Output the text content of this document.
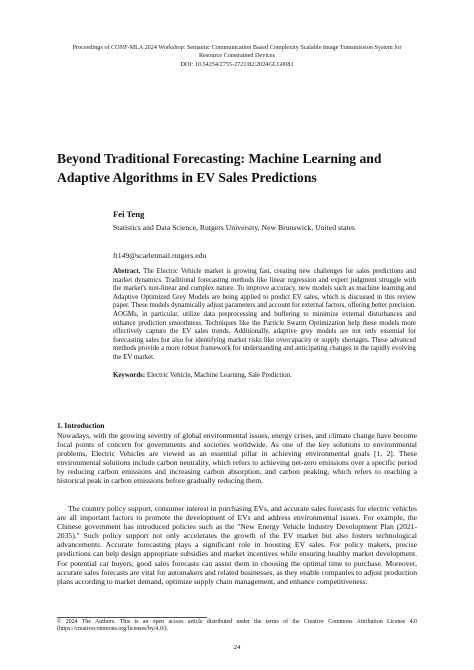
Proceedings of CONF-MLA 2024 Workshop: Semantic Communication Based Complexity Scalable Image Transmission System for
Resource Constrained Devices
DOI: 10.54254/2755-2721/82/2024GLG0081
Beyond Traditional Forecasting: Machine Learning and
Adaptive Algorithms in EV Sales Predictions
Fei Teng
Statistics and Data Science, Rutgers University, New Brunswick, United states
ft149@scarletmail.rutgers.edu
Abstract. The Electric Vehicle market is growing fast, creating new challenges for sales predictions and market dynamics. Traditional forecasting methods like linear regression and expert judgment struggle with the market's non-linear and complex nature. To improve accuracy, new models such as machine learning and Adaptive Optimized Grey Models are being applied to predict EV sales, which is discussed in this review paper. These models dynamically adjust parameters and account for external factors, offering better precision. AOGMs, in particular, utilize data preprocessing and buffering to minimize external disturbances and enhance prediction smoothness. Techniques like the Particle Swarm Optimization help these models more effectively capture the EV sales trends. Additionally, adaptive grey models are not only essential for forecasting sales but also for identifying market risks like overcapacity or supply shortages. These advanced methods provide a more robust framework for understanding and anticipating changes in the rapidly evolving the EV market.
Keywords: Electric Vehicle, Machine Learning, Sale Prediction.
1. Introduction
Nowadays, with the growing severity of global environmental issues, energy crises, and climate change have become focal points of concern for governments and societies worldwide. As one of the key solutions to environmental problems, Electric Vehicles are viewed as an essential pillar in achieving environmental goals [1, 2]. These environmental solutions include carbon neutrality, which refers to achieving net-zero emissions over a specific period by reducing carbon emissions and increasing carbon absorption, and carbon peaking, which refers to reaching a historical peak in carbon emissions before gradually reducing them.
The country policy support, consumer interest in purchasing EVs, and accurate sales forecasts for electric vehicles are all important factors to promote the development of EVs and address environmental issues. For example, the Chinese government has introduced policies such as the "New Energy Vehicle Industry Development Plan (2021-2035)." Such policy support not only accelerates the growth of the EV market but also fosters technological advancements. Accurate forecasting plays a significant role in boosting EV sales. For policy makers, precise predictions can help design appropriate subsidies and market incentives while ensuring healthy market development. For potential car buyers, good sales forecasts can assist them in choosing the optimal time to purchase. Moreover, accurate sales forecasts are vital for automakers and related businesses, as they enable companies to adjust production plans according to market demand, optimize supply chain management, and enhance competitiveness.
© 2024 The Authors. This is an open access article distributed under the terms of the Creative Commons Attribution License 4.0 (https://creativecommons.org/licenses/by/4.0/).
24
